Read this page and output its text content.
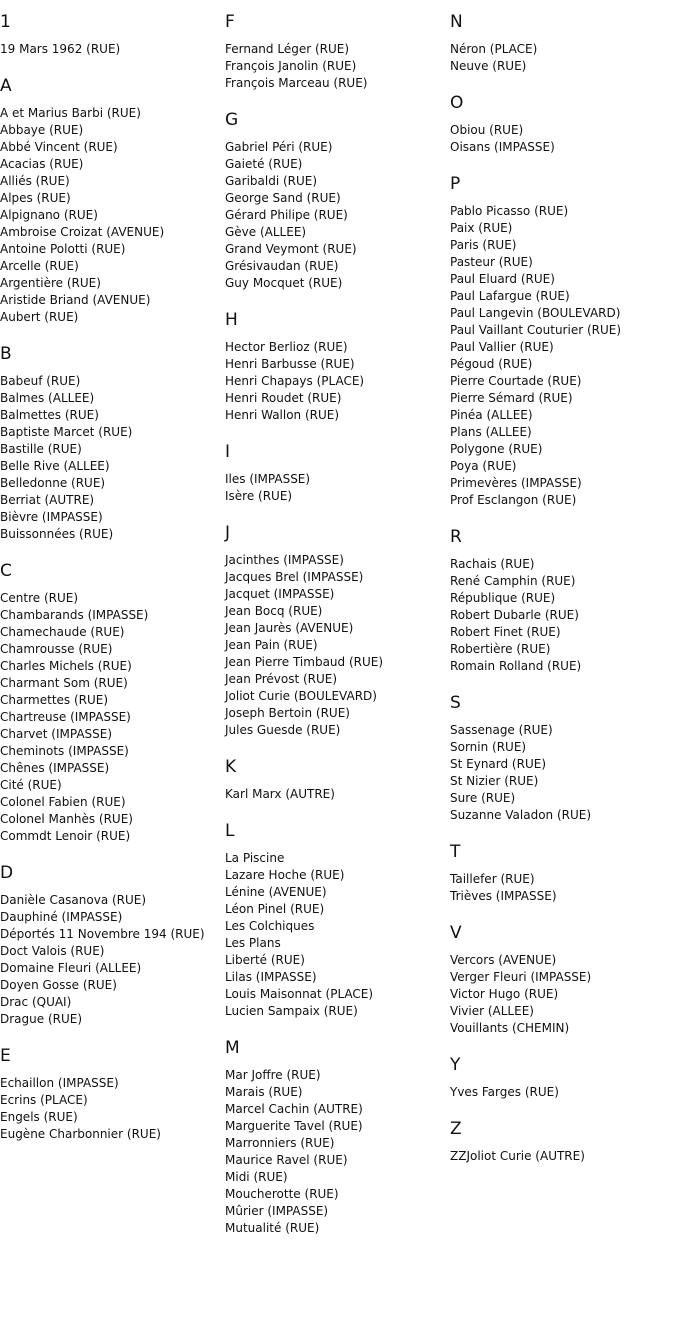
1
19 Mars 1962 (RUE)
A
A et Marius Barbi (RUE)
Abbaye (RUE)
Abbé Vincent (RUE)
Acacias (RUE)
Alliés (RUE)
Alpes (RUE)
Alpignano (RUE)
Ambroise Croizat (AVENUE)
Antoine Polotti (RUE)
Arcelle (RUE)
Argentière (RUE)
Aristide Briand (AVENUE)
Aubert (RUE)
B
Babeuf (RUE)
Balmes (ALLEE)
Balmettes (RUE)
Baptiste Marcet (RUE)
Bastille (RUE)
Belle Rive (ALLEE)
Belledonne (RUE)
Berriat (AUTRE)
Bièvre (IMPASSE)
Buissonnées (RUE)
C
Centre (RUE)
Chambarands (IMPASSE)
Chamechaude (RUE)
Chamrousse (RUE)
Charles Michels (RUE)
Charmant Som (RUE)
Charmettes (RUE)
Chartreuse (IMPASSE)
Charvet (IMPASSE)
Cheminots (IMPASSE)
Chênes (IMPASSE)
Cité (RUE)
Colonel Fabien (RUE)
Colonel Manhès (RUE)
Commdt Lenoir (RUE)
D
Danièle Casanova (RUE)
Dauphiné (IMPASSE)
Déportés 11 Novembre 194 (RUE)
Doct Valois (RUE)
Domaine Fleuri (ALLEE)
Doyen Gosse (RUE)
Drac (QUAI)
Drague (RUE)
E
Echaillon (IMPASSE)
Ecrins (PLACE)
Engels (RUE)
Eugène Charbonnier (RUE)
F
Fernand Léger (RUE)
François Janolin (RUE)
François Marceau (RUE)
G
Gabriel Péri (RUE)
Gaieté (RUE)
Garibaldi (RUE)
George Sand (RUE)
Gérard Philipe (RUE)
Gève (ALLEE)
Grand Veymont (RUE)
Grésivaudan (RUE)
Guy Mocquet (RUE)
H
Hector Berlioz (RUE)
Henri Barbusse (RUE)
Henri Chapays (PLACE)
Henri Roudet (RUE)
Henri Wallon (RUE)
I
Iles (IMPASSE)
Isère (RUE)
J
Jacinthes (IMPASSE)
Jacques Brel (IMPASSE)
Jacquet (IMPASSE)
Jean Bocq (RUE)
Jean Jaurès (AVENUE)
Jean Pain (RUE)
Jean Pierre Timbaud (RUE)
Jean Prévost (RUE)
Joliot Curie (BOULEVARD)
Joseph Bertoin (RUE)
Jules Guesde (RUE)
K
Karl Marx (AUTRE)
L
La Piscine
Lazare Hoche (RUE)
Lénine (AVENUE)
Léon Pinel (RUE)
Les Colchiques
Les Plans
Liberté (RUE)
Lilas (IMPASSE)
Louis Maisonnat (PLACE)
Lucien Sampaix (RUE)
M
Mar Joffre (RUE)
Marais (RUE)
Marcel Cachin (AUTRE)
Marguerite Tavel (RUE)
Marronniers (RUE)
Maurice Ravel (RUE)
Midi (RUE)
Moucherotte (RUE)
Mûrier (IMPASSE)
Mutualité (RUE)
N
Néron (PLACE)
Neuve (RUE)
O
Obiou (RUE)
Oisans (IMPASSE)
P
Pablo Picasso (RUE)
Paix (RUE)
Paris (RUE)
Pasteur (RUE)
Paul Eluard (RUE)
Paul Lafargue (RUE)
Paul Langevin (BOULEVARD)
Paul Vaillant Couturier (RUE)
Paul Vallier (RUE)
Pégoud (RUE)
Pierre Courtade (RUE)
Pierre Sémard (RUE)
Pinéa (ALLEE)
Plans (ALLEE)
Polygone (RUE)
Poya (RUE)
Primevères (IMPASSE)
Prof Esclangon (RUE)
R
Rachais (RUE)
René Camphin (RUE)
République (RUE)
Robert Dubarle (RUE)
Robert Finet (RUE)
Robertière (RUE)
Romain Rolland (RUE)
S
Sassenage (RUE)
Sornin (RUE)
St Eynard (RUE)
St Nizier (RUE)
Sure (RUE)
Suzanne Valadon (RUE)
T
Taillefer (RUE)
Trièves (IMPASSE)
V
Vercors (AVENUE)
Verger Fleuri (IMPASSE)
Victor Hugo (RUE)
Vivier (ALLEE)
Vouillants (CHEMIN)
Y
Yves Farges (RUE)
Z
ZZJoliot Curie (AUTRE)
